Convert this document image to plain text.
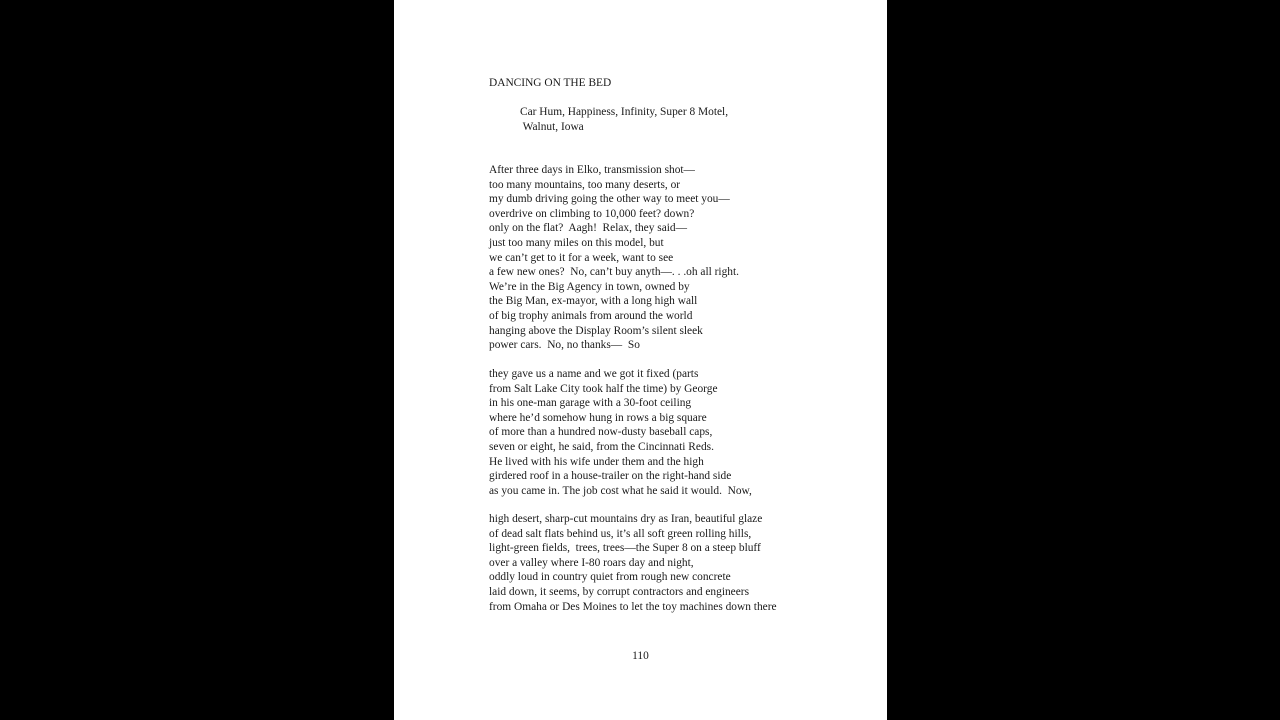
DANCING ON THE BED
Car Hum, Happiness, Infinity, Super 8 Motel,
Walnut, Iowa
After three days in Elko, transmission shot—
too many mountains, too many deserts, or
my dumb driving going the other way to meet you—
overdrive on climbing to 10,000 feet? down?
only on the flat?  Aagh!  Relax, they said—
just too many miles on this model, but
we can’t get to it for a week, want to see
a few new ones?  No, can’t buy anyth—. . .oh all right.
We’re in the Big Agency in town, owned by
the Big Man, ex-mayor, with a long high wall
of big trophy animals from around the world
hanging above the Display Room’s silent sleek
power cars.  No, no thanks—  So
they gave us a name and we got it fixed (parts
from Salt Lake City took half the time) by George
in his one-man garage with a 30-foot ceiling
where he’d somehow hung in rows a big square
of more than a hundred now-dusty baseball caps,
seven or eight, he said, from the Cincinnati Reds.
He lived with his wife under them and the high
girdered roof in a house-trailer on the right-hand side
as you came in. The job cost what he said it would.  Now,
high desert, sharp-cut mountains dry as Iran, beautiful glaze
of dead salt flats behind us, it’s all soft green rolling hills,
light-green fields,  trees, trees—the Super 8 on a steep bluff
over a valley where I-80 roars day and night,
oddly loud in country quiet from rough new concrete
laid down, it seems, by corrupt contractors and engineers
from Omaha or Des Moines to let the toy machines down there
110
